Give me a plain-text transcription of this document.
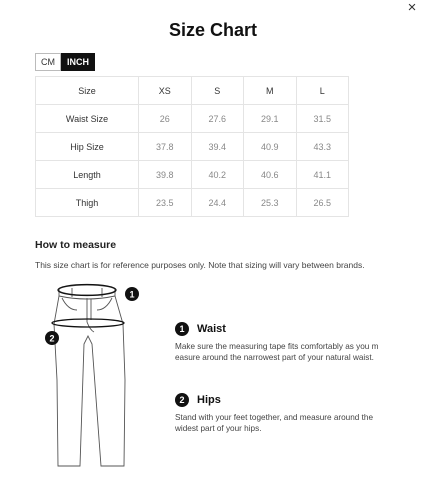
×
Size Chart
CM	INCH
Size	XS	S	M	L
Waist Size	26	27.6	29.1	31.5
Hip Size	37.8	39.4	40.9	43.3
Length	39.8	40.2	40.6	41.1
Thigh	23.5	24.4	25.3	26.5
How to measure
This size chart is for reference purposes only. Note that sizing will vary between brands.
1
2
1	Waist
Make sure the measuring tape fits comfortably as you m easure around the narrowest part of your natural waist.
2	Hips
Stand with your feet together, and measure around the widest part of your hips.
